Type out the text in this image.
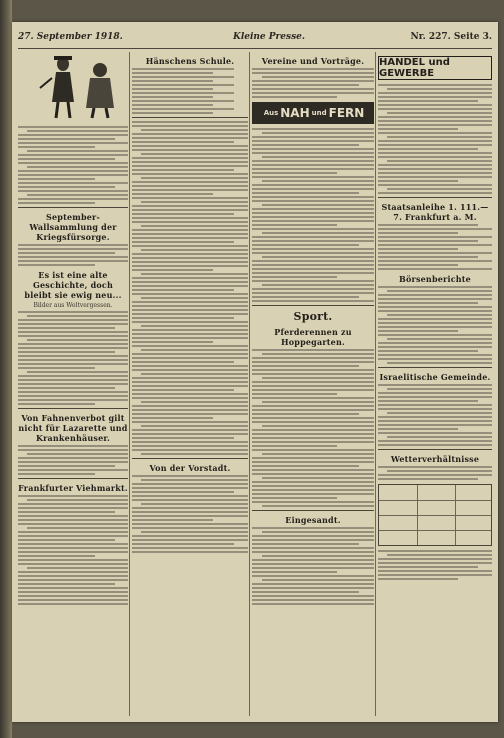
27. September 1918.	Kleine Presse.	Nr. 227. Seite 3.
September-Wallsammlung der Kriegsfürsorge.
Es ist eine alte Geschichte, doch bleibt sie ewig neu...
Bilder aus Weltvergessen.
Von Fahnenverbot gilt nicht für Lazarette und Krankenhäuser.
Frankfurter Viehmarkt.
Hänschens Schule.
Von der Vorstadt.
Vereine und Vorträge.
Aus NAH und FERN
Sport.
Pferderennen zu Hoppegarten.
Eingesandt.
HANDEL und GEWERBE
Staatsanleihe 1. 111.—7. Frankfurt a. M.
Börsenberichte
Israelitische Gemeinde.
Wetterverhältnisse
